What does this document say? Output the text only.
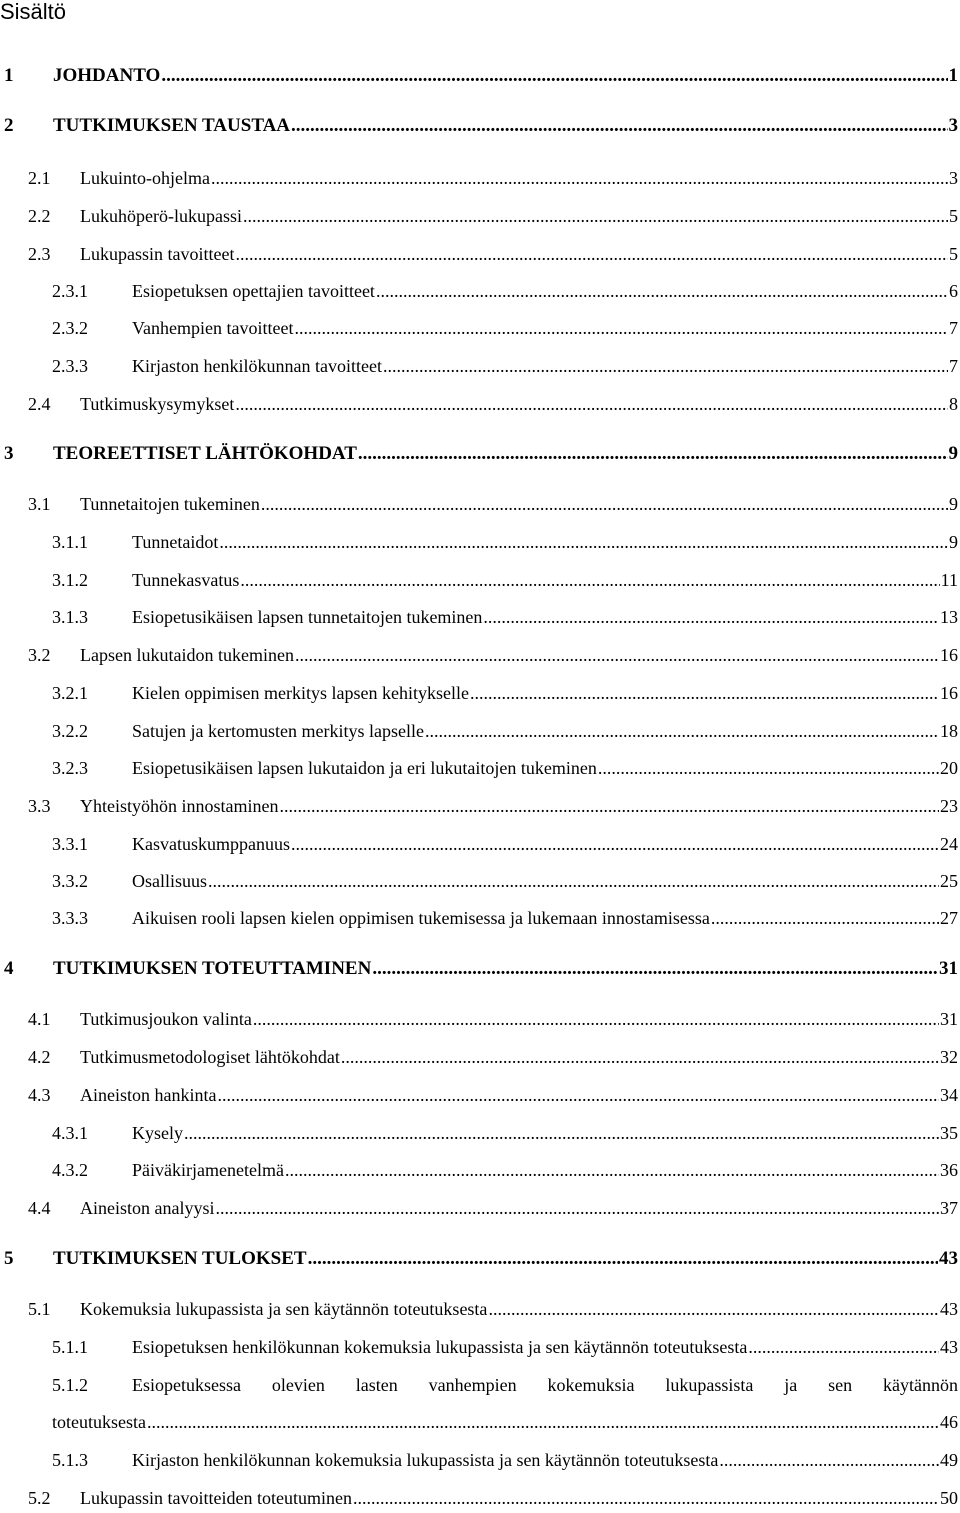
Sisältö
1	JOHDANTO .....	1
2	TUTKIMUKSEN TAUSTAA .....	3
2.1	Lukuinto-ohjelma .....	3
2.2	Lukuhöperö-lukupassi .....	5
2.3	Lukupassin tavoitteet .....	5
2.3.1	Esiopetuksen opettajien tavoitteet .....	6
2.3.2	Vanhempien tavoitteet .....	7
2.3.3	Kirjaston henkilökunnan tavoitteet .....	7
2.4	Tutkimuskysymykset .....	8
3	TEOREETTISET LÄHTÖKOHDAT .....	9
3.1	Tunnetaitojen tukeminen .....	9
3.1.1	Tunnetaidot .....	9
3.1.2	Tunnekasvatus .....	11
3.1.3	Esiopetusikäisen lapsen tunnetaitojen tukeminen .....	13
3.2	Lapsen lukutaidon tukeminen .....	16
3.2.1	Kielen oppimisen merkitys lapsen kehitykselle .....	16
3.2.2	Satujen ja kertomusten merkitys lapselle .....	18
3.2.3	Esiopetusikäisen lapsen lukutaidon ja eri lukutaitojen tukeminen .....	20
3.3	Yhteistyöhön innostaminen .....	23
3.3.1	Kasvatuskumppanuus .....	24
3.3.2	Osallisuus .....	25
3.3.3	Aikuisen rooli lapsen kielen oppimisen tukemisessa ja lukemaan innostamisessa .....	27
4	TUTKIMUKSEN TOTEUTTAMINEN .....	31
4.1	Tutkimusjoukon valinta .....	31
4.2	Tutkimusmetodologiset lähtökohdat .....	32
4.3	Aineiston hankinta .....	34
4.3.1	Kysely .....	35
4.3.2	Päiväkirjamenetelmä .....	36
4.4	Aineiston analyysi .....	37
5	TUTKIMUKSEN TULOKSET .....	43
5.1	Kokemuksia lukupassista ja sen käytännön toteutuksesta .....	43
5.1.1	Esiopetuksen henkilökunnan kokemuksia lukupassista ja sen käytännön toteutuksesta .....	43
5.1.2	Esiopetuksessa olevien lasten vanhempien kokemuksia lukupassista ja sen käytännön
toteutuksesta .....	46
5.1.3	Kirjaston henkilökunnan kokemuksia lukupassista ja sen käytännön toteutuksesta .....	49
5.2	Lukupassin tavoitteiden toteutuminen .....	50
